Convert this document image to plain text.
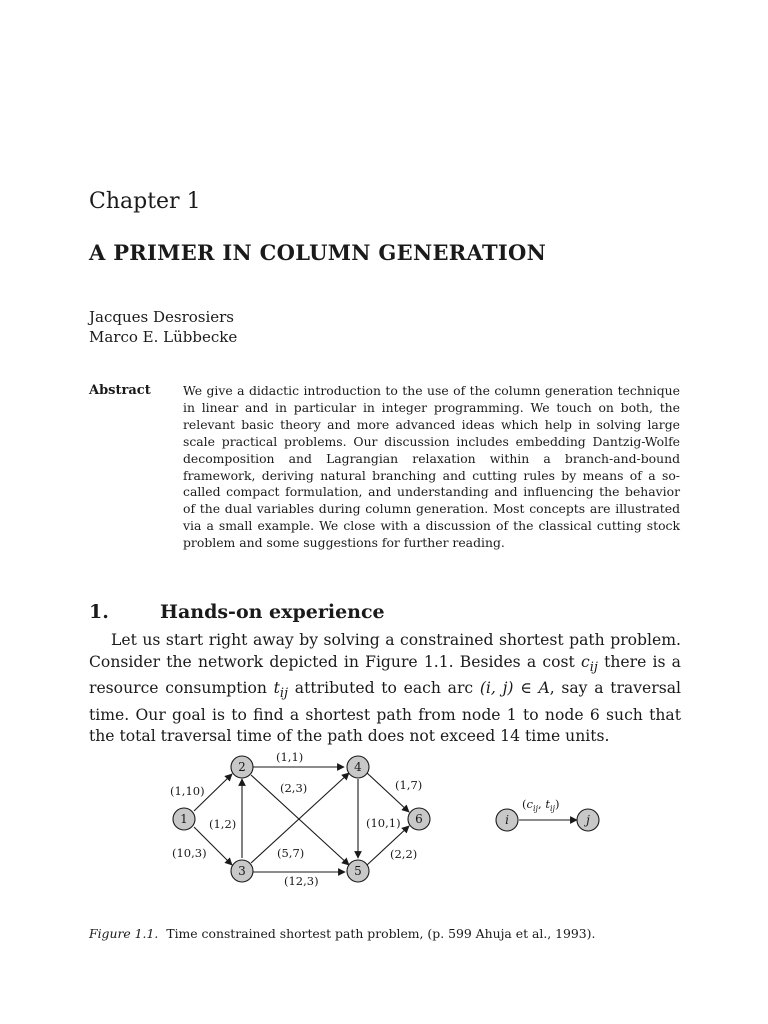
Chapter 1
A PRIMER IN COLUMN GENERATION
Jacques Desrosiers
Marco E. Lübbecke
Abstract	We give a didactic introduction to the use of the column generation technique in linear and in particular in integer programming. We touch on both, the relevant basic theory and more advanced ideas which help in solving large scale practical problems. Our discussion includes embedding Dantzig-Wolfe decomposition and Lagrangian relaxation within a branch-and-bound framework, deriving natural branching and cutting rules by means of a so-called compact formulation, and understanding and influencing the behavior of the dual variables during column generation. Most concepts are illustrated via a small example. We close with a discussion of the classical cutting stock problem and some suggestions for further reading.
1.	Hands-on experience
Let us start right away by solving a constrained shortest path problem. Consider the network depicted in Figure 1.1. Besides a cost $c_{ij}$ there is a resource consumption $t_{ij}$ attributed to each arc (i, j) ∈ A, say a traversal time. Our goal is to find a shortest path from node 1 to node 6 such that the total traversal time of the path does not exceed 14 time units.
1
2
3
4
5
6	i	j
(1,10)
(10,3)
(1,2)
(1,1)
(2,3)
(5,7)
(12,3)
(10,1)
(1,7)
(2,2)
($c_{ij}$, $t_{ij}$)
Figure 1.1. Time constrained shortest path problem, (p. 599 Ahuja et al., 1993).
